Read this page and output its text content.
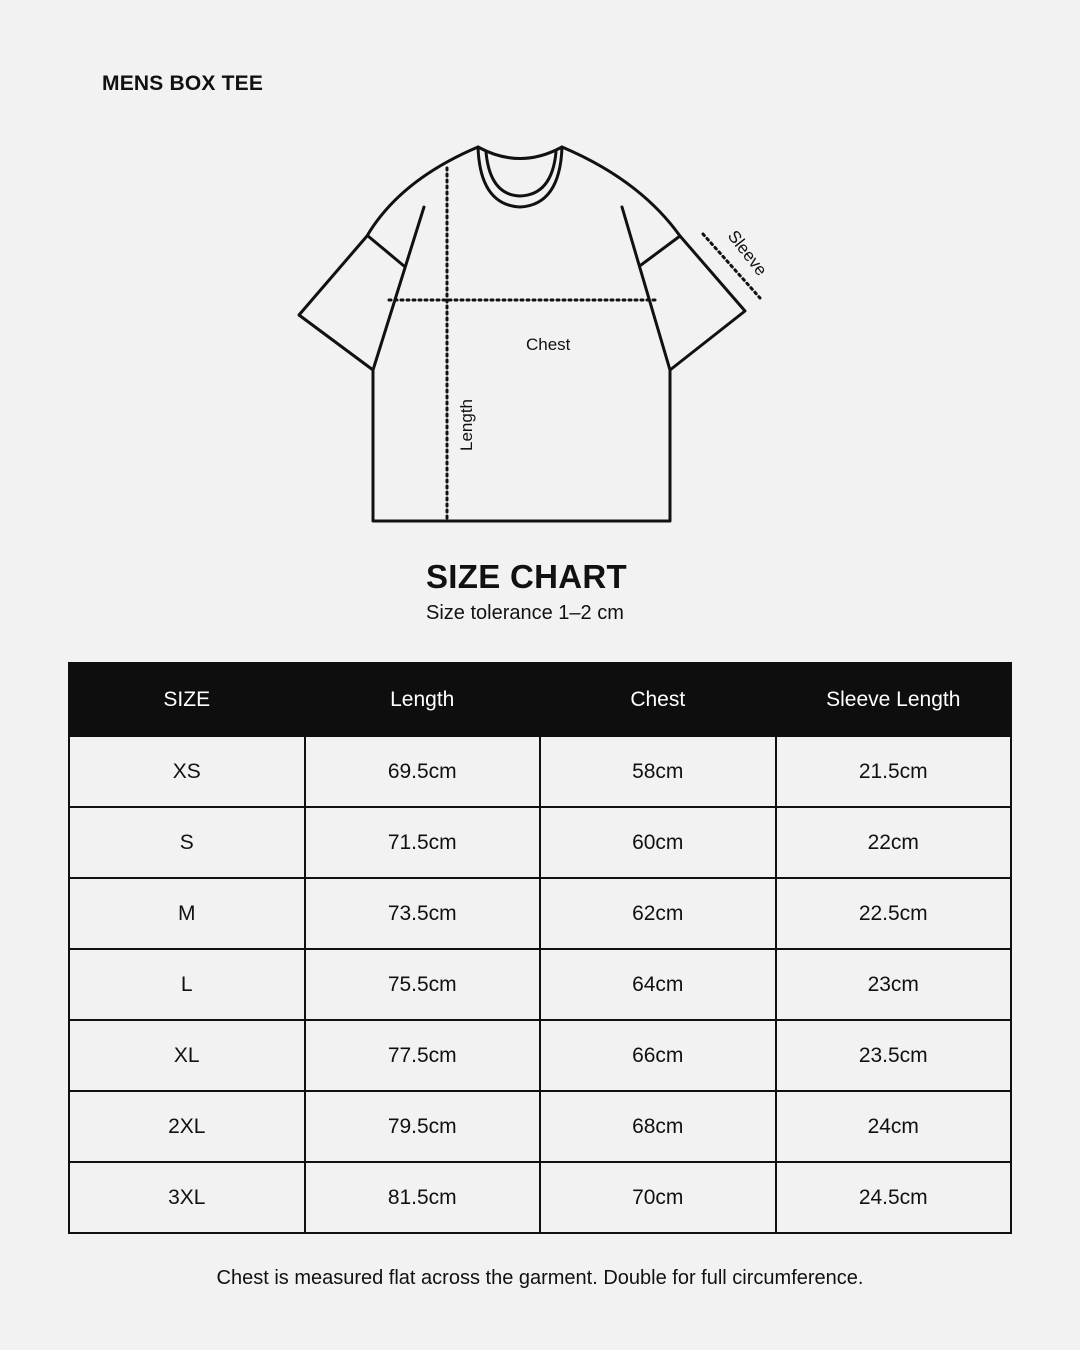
MENS BOX TEE
Chest
Length
Sleeve
SIZE CHART
Size tolerance 1–2 cm
SIZE	Length	Chest	Sleeve Length
XS	69.5cm	58cm	21.5cm
S	71.5cm	60cm	22cm
M	73.5cm	62cm	22.5cm
L	75.5cm	64cm	23cm
XL	77.5cm	66cm	23.5cm
2XL	79.5cm	68cm	24cm
3XL	81.5cm	70cm	24.5cm
Chest is measured flat across the garment. Double for full circumference.
